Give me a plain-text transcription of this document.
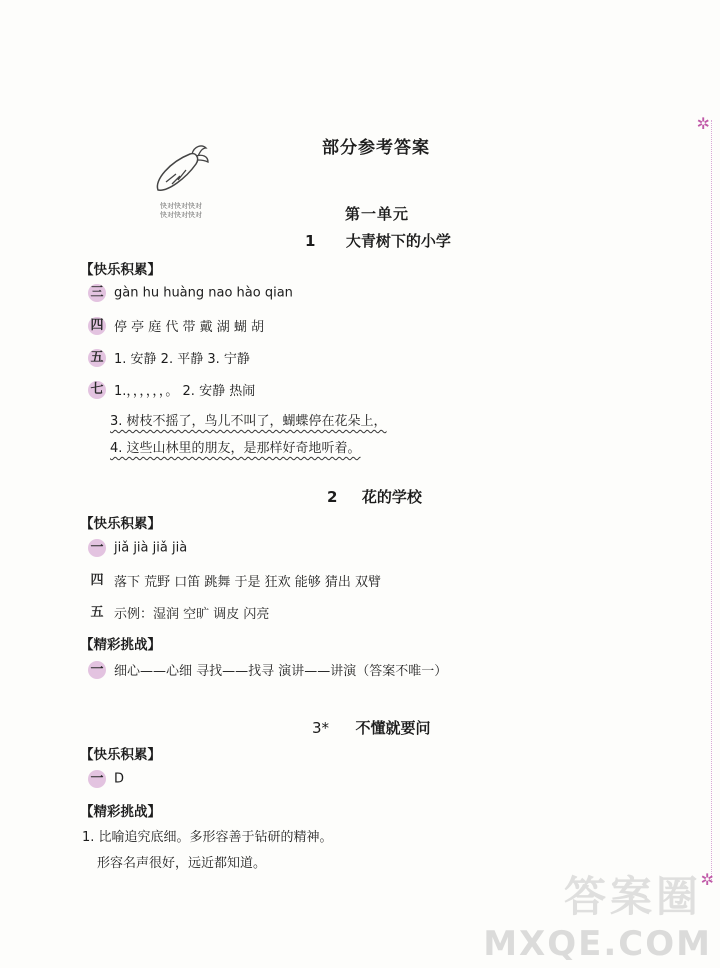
✲
✲
快对快对快对
快对快对快对
部分参考答案
第一单元
1 大青树下的小学
【快乐积累】
三 gàn hu huàng nao hào qian
四 停 亭 庭 代 带 戴 湖 蝴 胡
五 1. 安静 2. 平静 3. 宁静
七 1.，，，，，，。 2. 安静 热闹
3. 树枝不摇了，鸟儿不叫了，蝴蝶停在花朵上，
4. 这些山林里的朋友，是那样好奇地听着。
2 花的学校
【快乐积累】
一 jiǎ jià jiǎ jià
四 落下 荒野 口笛 跳舞 于是 狂欢 能够 猜出 双臂
五 示例：湿润 空旷 调皮 闪亮
【精彩挑战】
一 细心——心细 寻找——找寻 演讲——讲演（答案不唯一）
3* 不懂就要问
【快乐积累】
一 D
【精彩挑战】
1. 比喻追究底细。多形容善于钻研的精神。
形容名声很好，远近都知道。
答案圈
MXQE.COM
